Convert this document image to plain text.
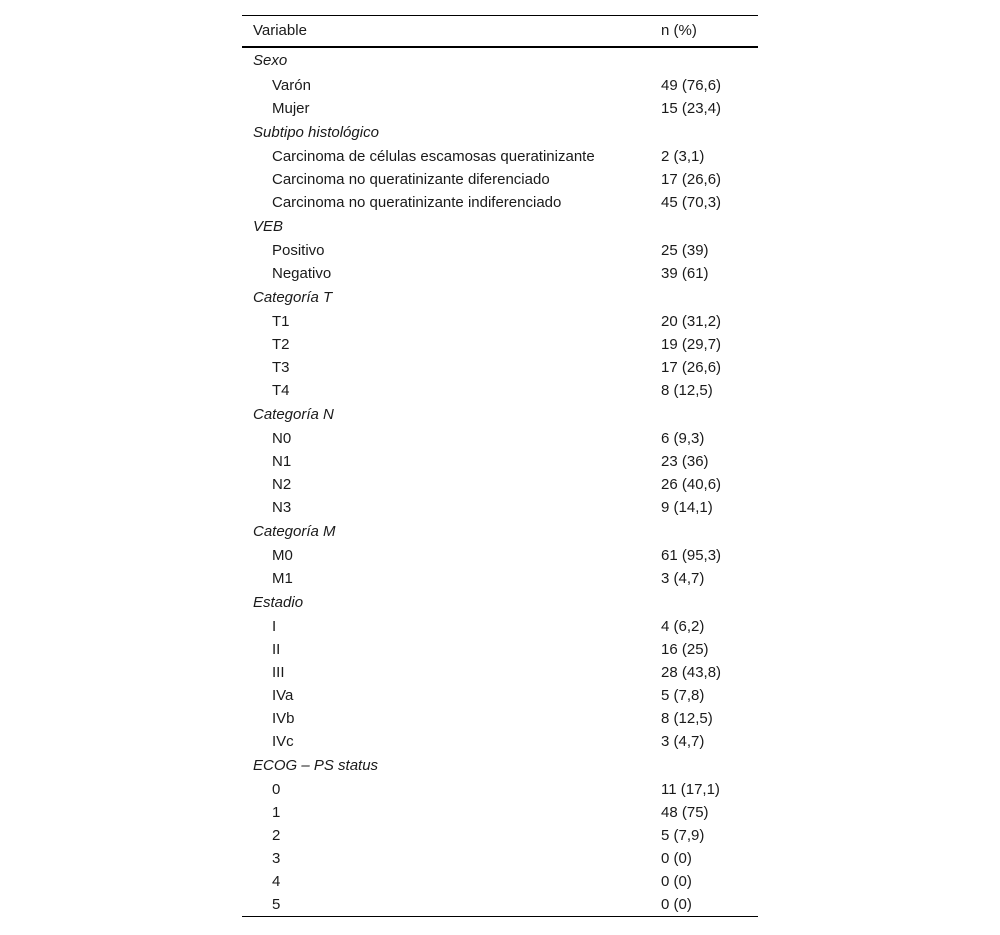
Variable	n (%)
Sexo	
Varón	49 (76,6)
Mujer	15 (23,4)
Subtipo histológico	
Carcinoma de células escamosas queratinizante	2 (3,1)
Carcinoma no queratinizante diferenciado	17 (26,6)
Carcinoma no queratinizante indiferenciado	45 (70,3)
VEB	
Positivo	25 (39)
Negativo	39 (61)
Categoría T	
T1	20 (31,2)
T2	19 (29,7)
T3	17 (26,6)
T4	8 (12,5)
Categoría N	
N0	6 (9,3)
N1	23 (36)
N2	26 (40,6)
N3	9 (14,1)
Categoría M	
M0	61 (95,3)
M1	3 (4,7)
Estadio	
I	4 (6,2)
II	16 (25)
III	28 (43,8)
IVa	5 (7,8)
IVb	8 (12,5)
IVc	3 (4,7)
ECOG – PS status	
0	11 (17,1)
1	48 (75)
2	5 (7,9)
3	0 (0)
4	0 (0)
5	0 (0)
